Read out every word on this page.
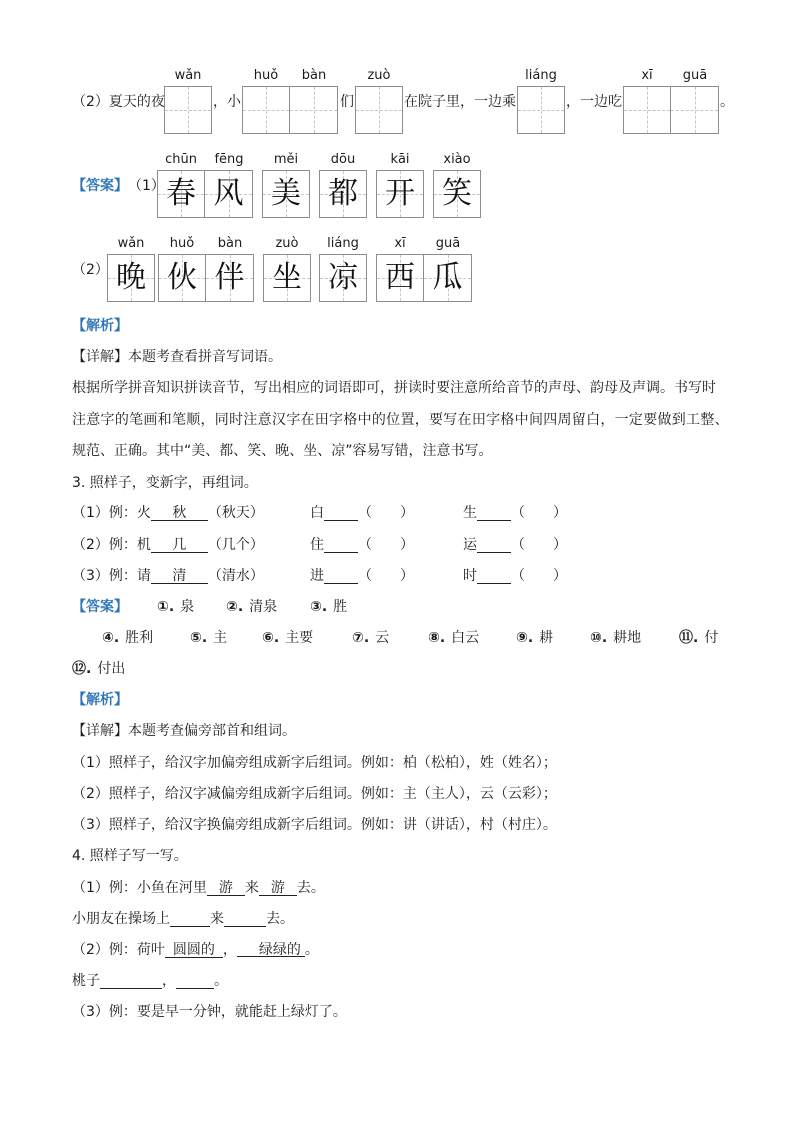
（2）夏天的夜	，小	们	在院子里，一边乘	，一边吃	。
wǎn	huǒ	bàn	zuò	liáng	xī	guā
【答案】 （1） 春 风 美 都 开 笑
chūn	fēng	měi	dōu	kāi	xiào
（2） 晚 伙 伴 坐 凉 西 瓜
wǎn	huǒ	bàn	zuò	liáng	xī	guā
【解析】
【详解】本题考查看拼音写词语。
根据所学拼音知识拼读音节，写出相应的词语即可，拼读时要注意所给音节的声母、韵母及声调。书写时
注意字的笔画和笔顺，同时注意汉字在田字格中的位置，要写在田字格中间四周留白，一定要做到工整、
规范、正确。其中“美、都、笑、晚、坐、凉”容易写错，注意书写。
3. 照样子，变新字，再组词。
（1）例：火 秋 （秋天）	白 （　　）	生 （　　）
（2）例：机 几 （几个）	住 （　　）	运 （　　）
（3）例：请 清 （清水）	进 （　　）	时 （　　）
【答案】 ①. 泉 ②. 清泉 ③. 胜
④. 胜利	⑤. 主 ⑥. 主要	⑦. 云	⑧. 白云	⑨. 耕	⑩. 耕地	⑪. 付
⑫. 付出
【解析】
【详解】本题考查偏旁部首和组词。
（1）照样子，给汉字加偏旁组成新字后组词。例如：柏（松柏），姓（姓名）；
（2）照样子，给汉字减偏旁组成新字后组词。例如：主（主人），云（云彩）；
（3）照样子，给汉字换偏旁组成新字后组词。例如：讲（讲话），村（村庄）。
4. 照样子写一写。
（1）例：小鱼在河里 游 来 游 去。
小朋友在操场上	来	去。
（2）例：荷叶 圆圆的 ， 绿绿的 。
桃子	，	。
（3）例：要是早一分钟，就能赶上绿灯了。
